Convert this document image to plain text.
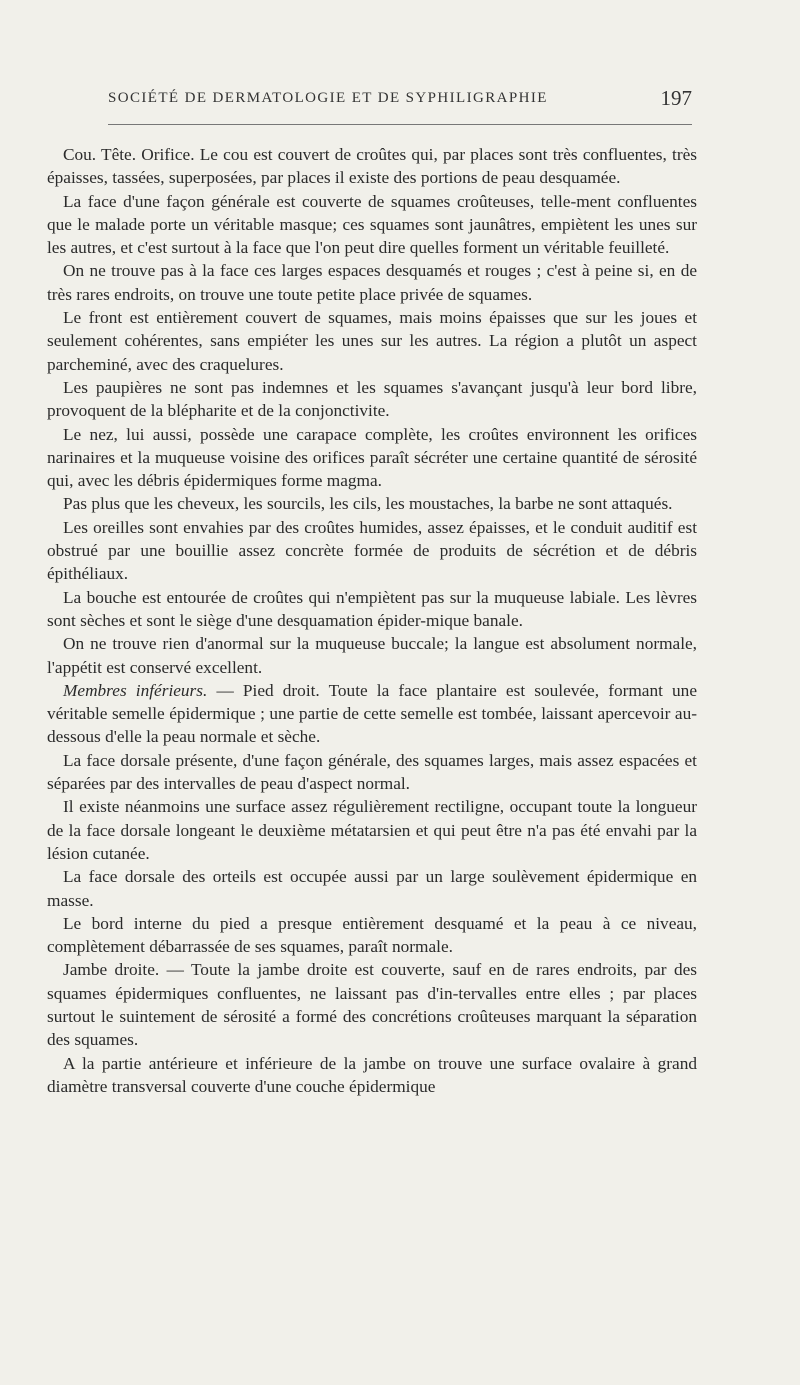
SOCIÉTÉ DE DERMATOLOGIE ET DE SYPHILIGRAPHIE	197

Cou. Tête. Orifice. Le cou est couvert de croûtes qui, par places sont très confluentes, très épaisses, tassées, superposées, par places il existe des portions de peau desquamée.

La face d'une façon générale est couverte de squames croûteuses, telle-ment confluentes que le malade porte un véritable masque; ces squames sont jaunâtres, empiètent les unes sur les autres, et c'est surtout à la face que l'on peut dire quelles forment un véritable feuilleté.

On ne trouve pas à la face ces larges espaces desquamés et rouges ; c'est à peine si, en de très rares endroits, on trouve une toute petite place privée de squames.

Le front est entièrement couvert de squames, mais moins épaisses que sur les joues et seulement cohérentes, sans empiéter les unes sur les autres. La région a plutôt un aspect parcheminé, avec des craquelures.

Les paupières ne sont pas indemnes et les squames s'avançant jusqu'à leur bord libre, provoquent de la blépharite et de la conjonctivite.

Le nez, lui aussi, possède une carapace complète, les croûtes environnent les orifices narinaires et la muqueuse voisine des orifices paraît sécréter une certaine quantité de sérosité qui, avec les débris épidermiques forme magma.

Pas plus que les cheveux, les sourcils, les cils, les moustaches, la barbe ne sont attaqués.

Les oreilles sont envahies par des croûtes humides, assez épaisses, et le conduit auditif est obstrué par une bouillie assez concrète formée de produits de sécrétion et de débris épithéliaux.

La bouche est entourée de croûtes qui n'empiètent pas sur la muqueuse labiale. Les lèvres sont sèches et sont le siège d'une desquamation épider-mique banale.

On ne trouve rien d'anormal sur la muqueuse buccale; la langue est absolument normale, l'appétit est conservé excellent.

Membres inférieurs. — Pied droit. Toute la face plantaire est soulevée, formant une véritable semelle épidermique ; une partie de cette semelle est tombée, laissant apercevoir au-dessous d'elle la peau normale et sèche.

La face dorsale présente, d'une façon générale, des squames larges, mais assez espacées et séparées par des intervalles de peau d'aspect normal.

Il existe néanmoins une surface assez régulièrement rectiligne, occupant toute la longueur de la face dorsale longeant le deuxième métatarsien et qui peut être n'a pas été envahi par la lésion cutanée.

La face dorsale des orteils est occupée aussi par un large soulèvement épidermique en masse.

Le bord interne du pied a presque entièrement desquamé et la peau à ce niveau, complètement débarrassée de ses squames, paraît normale.

Jambe droite. — Toute la jambe droite est couverte, sauf en de rares endroits, par des squames épidermiques confluentes, ne laissant pas d'in-tervalles entre elles ; par places surtout le suintement de sérosité a formé des concrétions croûteuses marquant la séparation des squames.

A la partie antérieure et inférieure de la jambe on trouve une surface ovalaire à grand diamètre transversal couverte d'une couche épidermique
